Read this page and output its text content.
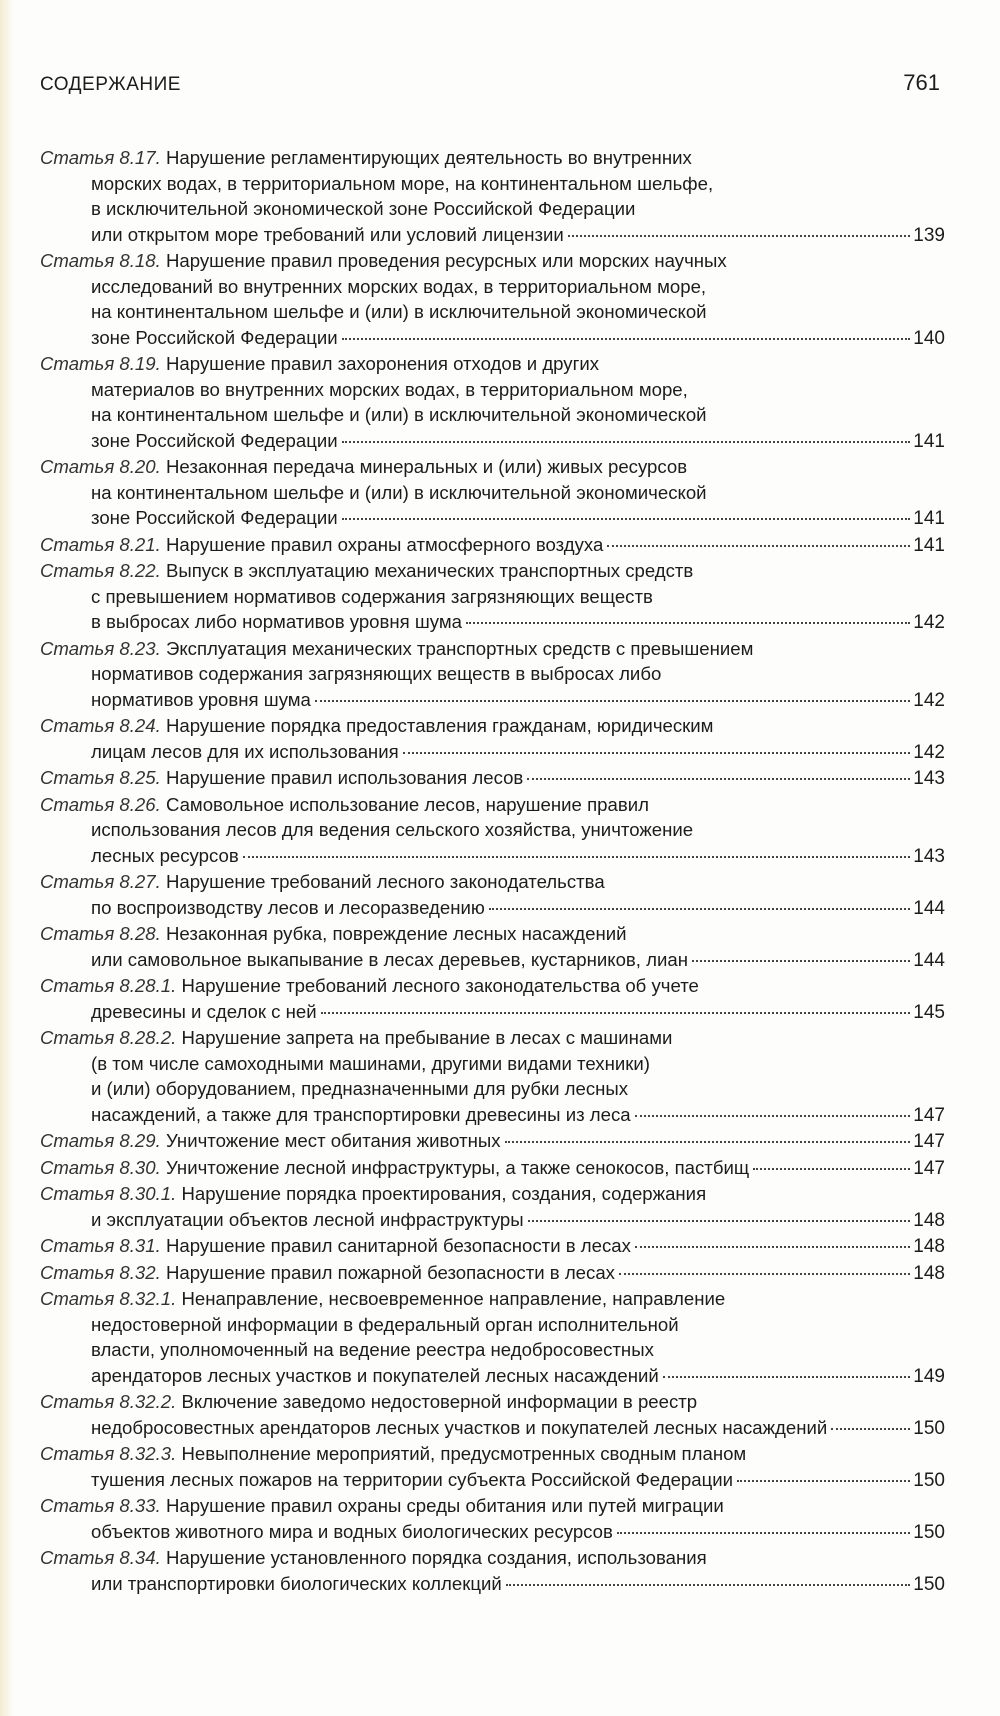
СОДЕРЖАНИЕ	761
Статья 8.17.
Нарушение регламентирующих деятельность во внутренних
морских водах, в территориальном море, на континентальном шельфе,
в исключительной экономической зоне Российской Федерации
или открытом море требований или условий лицензии	139
Статья 8.18.
Нарушение правил проведения ресурсных или морских научных
исследований во внутренних морских водах, в территориальном море,
на континентальном шельфе и (или) в исключительной экономической
зоне Российской Федерации	140
Статья 8.19.
Нарушение правил захоронения отходов и других
материалов во внутренних морских водах, в территориальном море,
на континентальном шельфе и (или) в исключительной экономической
зоне Российской Федерации	141
Статья 8.20.
Незаконная передача минеральных и (или) живых ресурсов
на континентальном шельфе и (или) в исключительной экономической
зоне Российской Федерации	141
Статья 8.21.
Нарушение правил охраны атмосферного воздуха	141
Статья 8.22.
Выпуск в эксплуатацию механических транспортных средств
с превышением нормативов содержания загрязняющих веществ
в выбросах либо нормативов уровня шума	142
Статья 8.23.
Эксплуатация механических транспортных средств с превышением
нормативов содержания загрязняющих веществ в выбросах либо
нормативов уровня шума	142
Статья 8.24.
Нарушение порядка предоставления гражданам, юридическим
лицам лесов для их использования	142
Статья 8.25.
Нарушение правил использования лесов	143
Статья 8.26.
Самовольное использование лесов, нарушение правил
использования лесов для ведения сельского хозяйства, уничтожение
лесных ресурсов	143
Статья 8.27.
Нарушение требований лесного законодательства
по воспроизводству лесов и лесоразведению	144
Статья 8.28.
Незаконная рубка, повреждение лесных насаждений
или самовольное выкапывание в лесах деревьев, кустарников, лиан	144
Статья 8.28.1.
Нарушение требований лесного законодательства об учете
древесины и сделок с ней	145
Статья 8.28.2.
Нарушение запрета на пребывание в лесах с машинами
(в том числе самоходными машинами, другими видами техники)
и (или) оборудованием, предназначенными для рубки лесных
насаждений, а также для транспортировки древесины из леса	147
Статья 8.29.
Уничтожение мест обитания животных	147
Статья 8.30.
Уничтожение лесной инфраструктуры, а также сенокосов, пастбищ	147
Статья 8.30.1.
Нарушение порядка проектирования, создания, содержания
и эксплуатации объектов лесной инфраструктуры	148
Статья 8.31.
Нарушение правил санитарной безопасности в лесах	148
Статья 8.32.
Нарушение правил пожарной безопасности в лесах	148
Статья 8.32.1.
Ненаправление, несвоевременное направление, направление
недостоверной информации в федеральный орган исполнительной
власти, уполномоченный на ведение реестра недобросовестных
арендаторов лесных участков и покупателей лесных насаждений	149
Статья 8.32.2.
Включение заведомо недостоверной информации в реестр
недобросовестных арендаторов лесных участков и покупателей лесных насаждений	150
Статья 8.32.3.
Невыполнение мероприятий, предусмотренных сводным планом
тушения лесных пожаров на территории субъекта Российской Федерации	150
Статья 8.33.
Нарушение правил охраны среды обитания или путей миграции
объектов животного мира и водных биологических ресурсов	150
Статья 8.34.
Нарушение установленного порядка создания, использования
или транспортировки биологических коллекций	150
